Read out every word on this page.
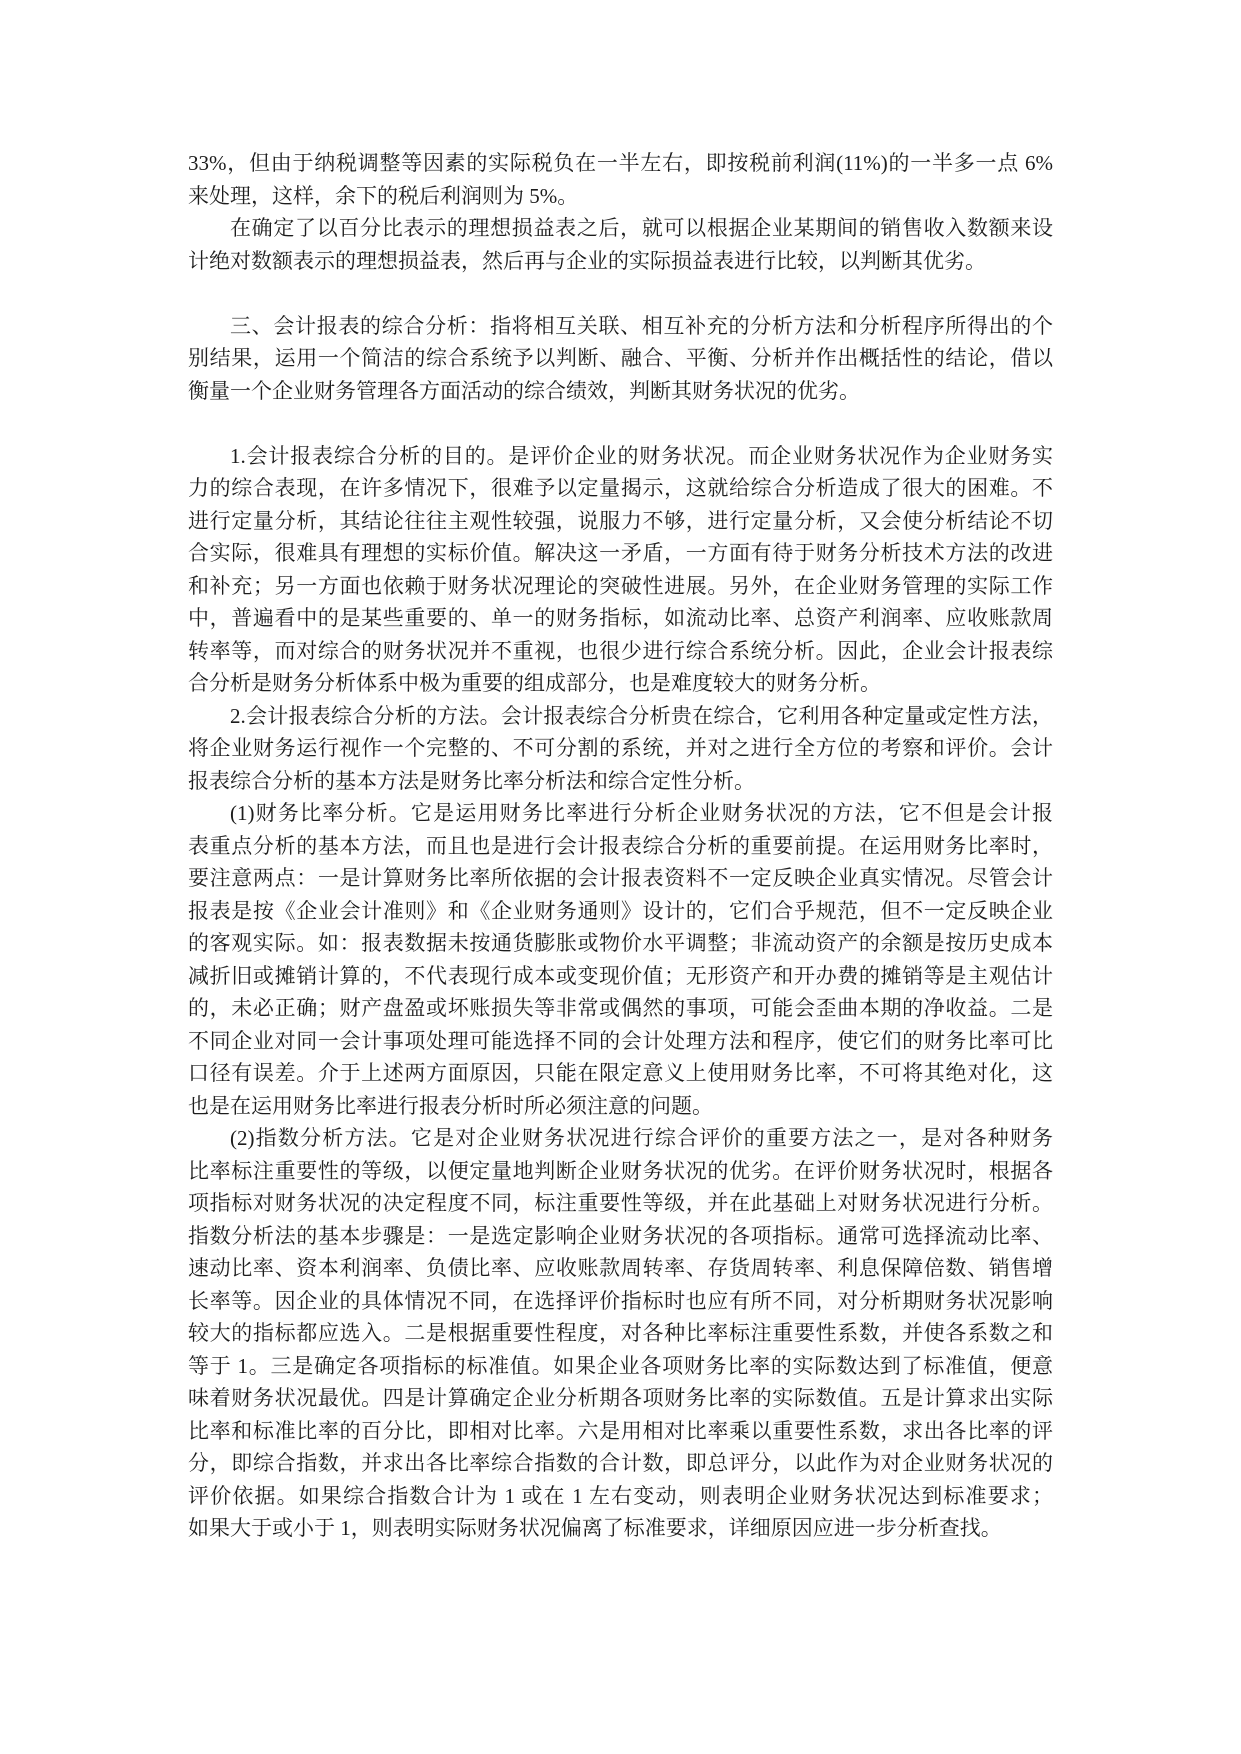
33%，但由于纳税调整等因素的实际税负在一半左右，即按税前利润(11%)的一半多一点 6%
来处理，这样，余下的税后利润则为 5%。
在确定了以百分比表示的理想损益表之后，就可以根据企业某期间的销售收入数额来设
计绝对数额表示的理想损益表，然后再与企业的实际损益表进行比较，以判断其优劣。
三、会计报表的综合分析：指将相互关联、相互补充的分析方法和分析程序所得出的个
别结果，运用一个简洁的综合系统予以判断、融合、平衡、分析并作出概括性的结论，借以
衡量一个企业财务管理各方面活动的综合绩效，判断其财务状况的优劣。
1.会计报表综合分析的目的。是评价企业的财务状况。而企业财务状况作为企业财务实
力的综合表现，在许多情况下，很难予以定量揭示，这就给综合分析造成了很大的困难。不
进行定量分析，其结论往往主观性较强，说服力不够，进行定量分析，又会使分析结论不切
合实际，很难具有理想的实标价值。解决这一矛盾，一方面有待于财务分析技术方法的改进
和补充；另一方面也依赖于财务状况理论的突破性进展。另外，在企业财务管理的实际工作
中，普遍看中的是某些重要的、单一的财务指标，如流动比率、总资产利润率、应收账款周
转率等，而对综合的财务状况并不重视，也很少进行综合系统分析。因此，企业会计报表综
合分析是财务分析体系中极为重要的组成部分，也是难度较大的财务分析。
2.会计报表综合分析的方法。会计报表综合分析贵在综合，它利用各种定量或定性方法，
将企业财务运行视作一个完整的、不可分割的系统，并对之进行全方位的考察和评价。会计
报表综合分析的基本方法是财务比率分析法和综合定性分析。
(1)财务比率分析。它是运用财务比率进行分析企业财务状况的方法，它不但是会计报
表重点分析的基本方法，而且也是进行会计报表综合分析的重要前提。在运用财务比率时，
要注意两点：一是计算财务比率所依据的会计报表资料不一定反映企业真实情况。尽管会计
报表是按《企业会计准则》和《企业财务通则》设计的，它们合乎规范，但不一定反映企业
的客观实际。如：报表数据未按通货膨胀或物价水平调整；非流动资产的余额是按历史成本
减折旧或摊销计算的，不代表现行成本或变现价值；无形资产和开办费的摊销等是主观估计
的，未必正确；财产盘盈或坏账损失等非常或偶然的事项，可能会歪曲本期的净收益。二是
不同企业对同一会计事项处理可能选择不同的会计处理方法和程序，使它们的财务比率可比
口径有误差。介于上述两方面原因，只能在限定意义上使用财务比率，不可将其绝对化，这
也是在运用财务比率进行报表分析时所必须注意的问题。
(2)指数分析方法。它是对企业财务状况进行综合评价的重要方法之一，是对各种财务
比率标注重要性的等级，以便定量地判断企业财务状况的优劣。在评价财务状况时，根据各
项指标对财务状况的决定程度不同，标注重要性等级，并在此基础上对财务状况进行分析。
指数分析法的基本步骤是：一是选定影响企业财务状况的各项指标。通常可选择流动比率、
速动比率、资本利润率、负债比率、应收账款周转率、存货周转率、利息保障倍数、销售增
长率等。因企业的具体情况不同，在选择评价指标时也应有所不同，对分析期财务状况影响
较大的指标都应选入。二是根据重要性程度，对各种比率标注重要性系数，并使各系数之和
等于 1。三是确定各项指标的标准值。如果企业各项财务比率的实际数达到了标准值，便意
味着财务状况最优。四是计算确定企业分析期各项财务比率的实际数值。五是计算求出实际
比率和标准比率的百分比，即相对比率。六是用相对比率乘以重要性系数，求出各比率的评
分，即综合指数，并求出各比率综合指数的合计数，即总评分，以此作为对企业财务状况的
评价依据。如果综合指数合计为 1 或在 1 左右变动，则表明企业财务状况达到标准要求；
如果大于或小于 1，则表明实际财务状况偏离了标准要求，详细原因应进一步分析查找。
